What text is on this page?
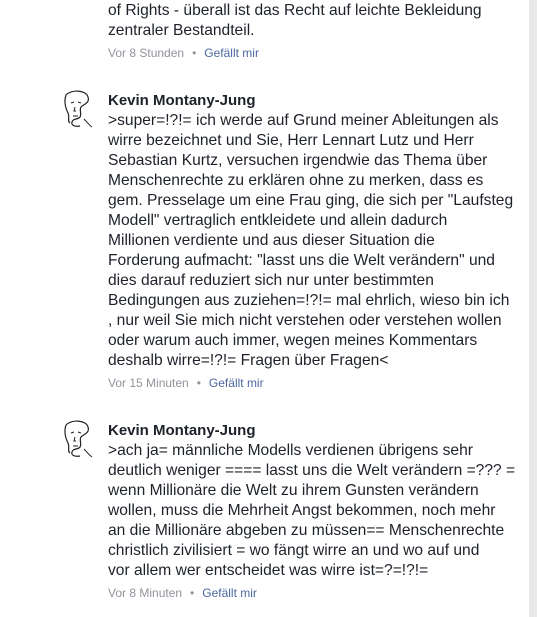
of Rights - überall ist das Recht auf leichte Bekleidung
zentraler Bestandteil.
Vor 8 Stunden • Gefällt mir
Kevin Montany-Jung
>super=!?!= ich werde auf Grund meiner Ableitungen als
wirre bezeichnet und Sie, Herr Lennart Lutz und Herr
Sebastian Kurtz, versuchen irgendwie das Thema über
Menschenrechte zu erklären ohne zu merken, dass es
gem. Presselage um eine Frau ging, die sich per "Laufsteg
Modell" vertraglich entkleidete und allein dadurch
Millionen verdiente und aus dieser Situation die
Forderung aufmacht: "lasst uns die Welt verändern" und
dies darauf reduziert sich nur unter bestimmten
Bedingungen aus zuziehen=!?!= mal ehrlich, wieso bin ich
, nur weil Sie mich nicht verstehen oder verstehen wollen
oder warum auch immer, wegen meines Kommentars
deshalb wirre=!?!= Fragen über Fragen<
Vor 15 Minuten • Gefällt mir
Kevin Montany-Jung
>ach ja= männliche Modells verdienen übrigens sehr
deutlich weniger ==== lasst uns die Welt verändern =??? =
wenn Millionäre die Welt zu ihrem Gunsten verändern
wollen, muss die Mehrheit Angst bekommen, noch mehr
an die Millionäre abgeben zu müssen== Menschenrechte
christlich zivilisiert = wo fängt wirre an und wo auf und
vor allem wer entscheidet was wirre ist=?=!?!=
Vor 8 Minuten • Gefällt mir
